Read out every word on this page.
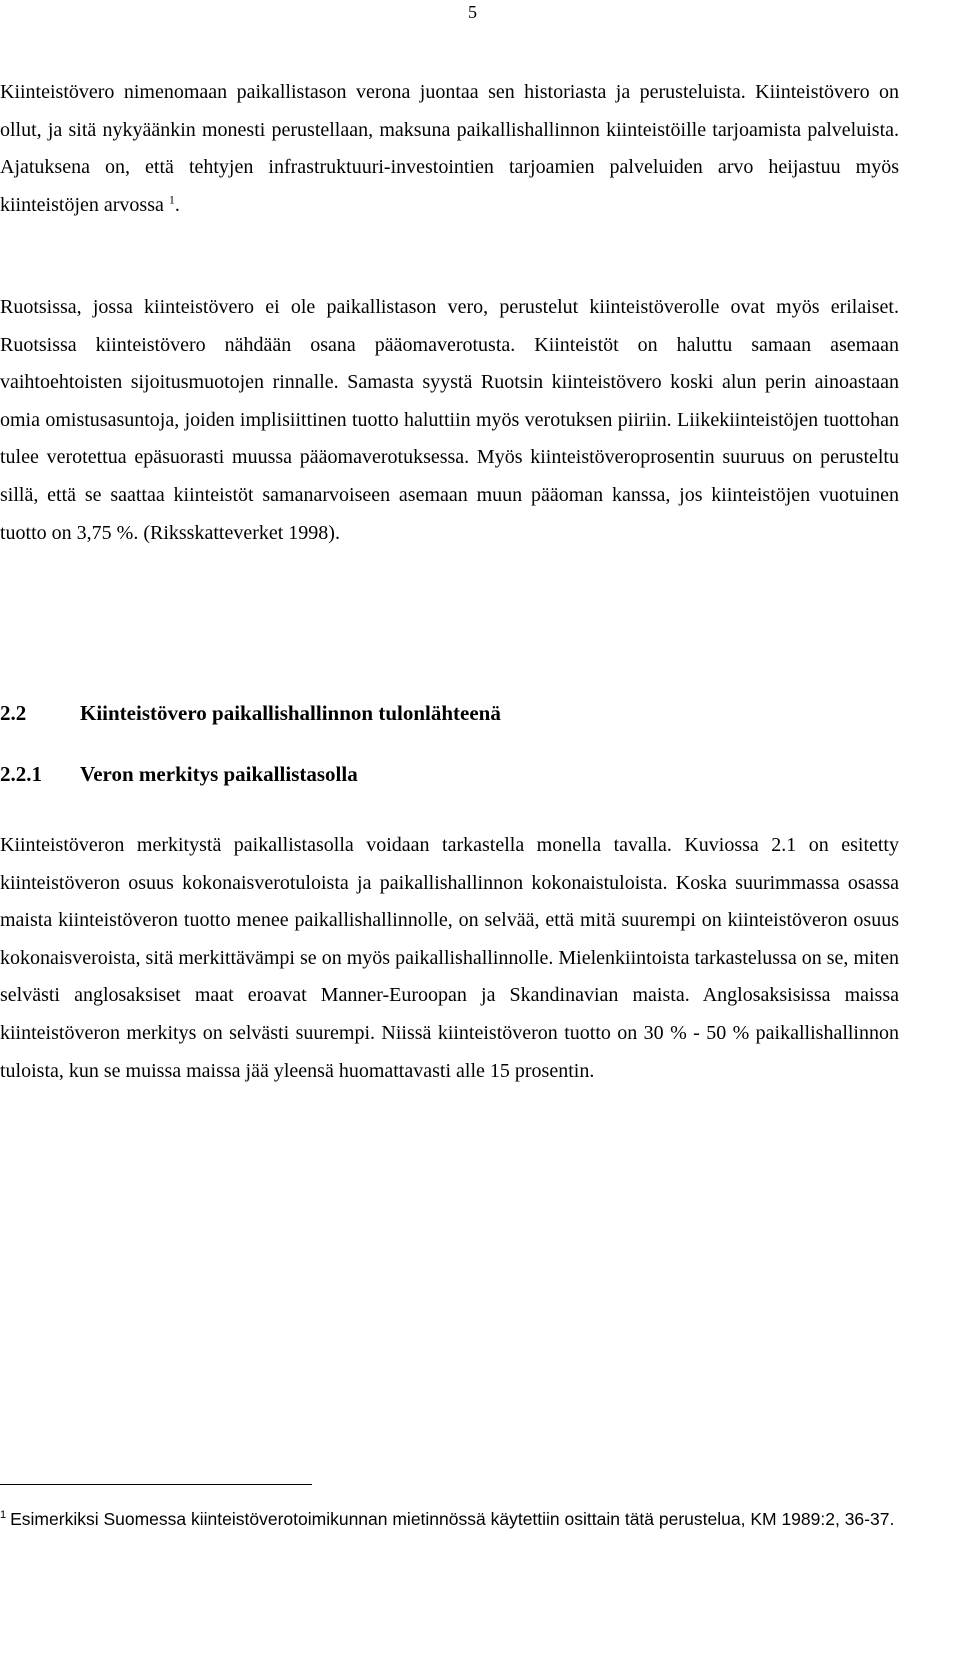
5

Kiinteistövero nimenomaan paikallistason verona juontaa sen historiasta ja perusteluista. Kiinteistövero on ollut, ja sitä nykyäänkin monesti perustellaan, maksuna paikallishallinnon kiinteistöille tarjoamista palveluista. Ajatuksena on, että tehtyjen infrastruktuuri-investointien tarjoamien palveluiden arvo heijastuu myös kiinteistöjen arvossa $^1$.

Ruotsissa, jossa kiinteistövero ei ole paikallistason vero, perustelut kiinteistöverolle ovat myös erilaiset. Ruotsissa kiinteistövero nähdään osana pääomaverotusta. Kiinteistöt on haluttu samaan asemaan vaihtoehtoisten sijoitusmuotojen rinnalle. Samasta syystä Ruotsin kiinteistövero koski alun perin ainoastaan omia omistusasuntoja, joiden implisiittinen tuotto haluttiin myös verotuksen piiriin. Liikekiinteistöjen tuottohan tulee verotettua epäsuorasti muussa pääomaverotuksessa. Myös kiinteistöveroprosentin suuruus on perusteltu sillä, että se saattaa kiinteistöt samanarvoiseen asemaan muun pääoman kanssa, jos kiinteistöjen vuotuinen tuotto on 3,75 %. (Riksskatteverket 1998).

2.2	Kiinteistövero paikallishallinnon tulonlähteenä
2.2.1 Veron merkitys paikallistasolla

Kiinteistöveron merkitystä paikallistasolla voidaan tarkastella monella tavalla. Kuviossa 2.1 on esitetty kiinteistöveron osuus kokonaisverotuloista ja paikallishallinnon kokonaistuloista. Koska suurimmassa osassa maista kiinteistöveron tuotto menee paikallishallinnolle, on selvää, että mitä suurempi on kiinteistöveron osuus kokonaisveroista, sitä merkittävämpi se on myös paikallishallinnolle. Mielenkiintoista tarkastelussa on se, miten selvästi anglosaksiset maat eroavat Manner-Euroopan ja Skandinavian maista. Anglosaksisissa maissa kiinteistöveron merkitys on selvästi suurempi. Niissä kiinteistöveron tuotto on 30 % - 50 % paikallishallinnon tuloista, kun se muissa maissa jää yleensä huomattavasti alle 15 prosentin.

$^1$ Esimerkiksi Suomessa kiinteistöverotoimikunnan mietinnössä käytettiin osittain tätä perustelua, KM 1989:2, 36-37.
